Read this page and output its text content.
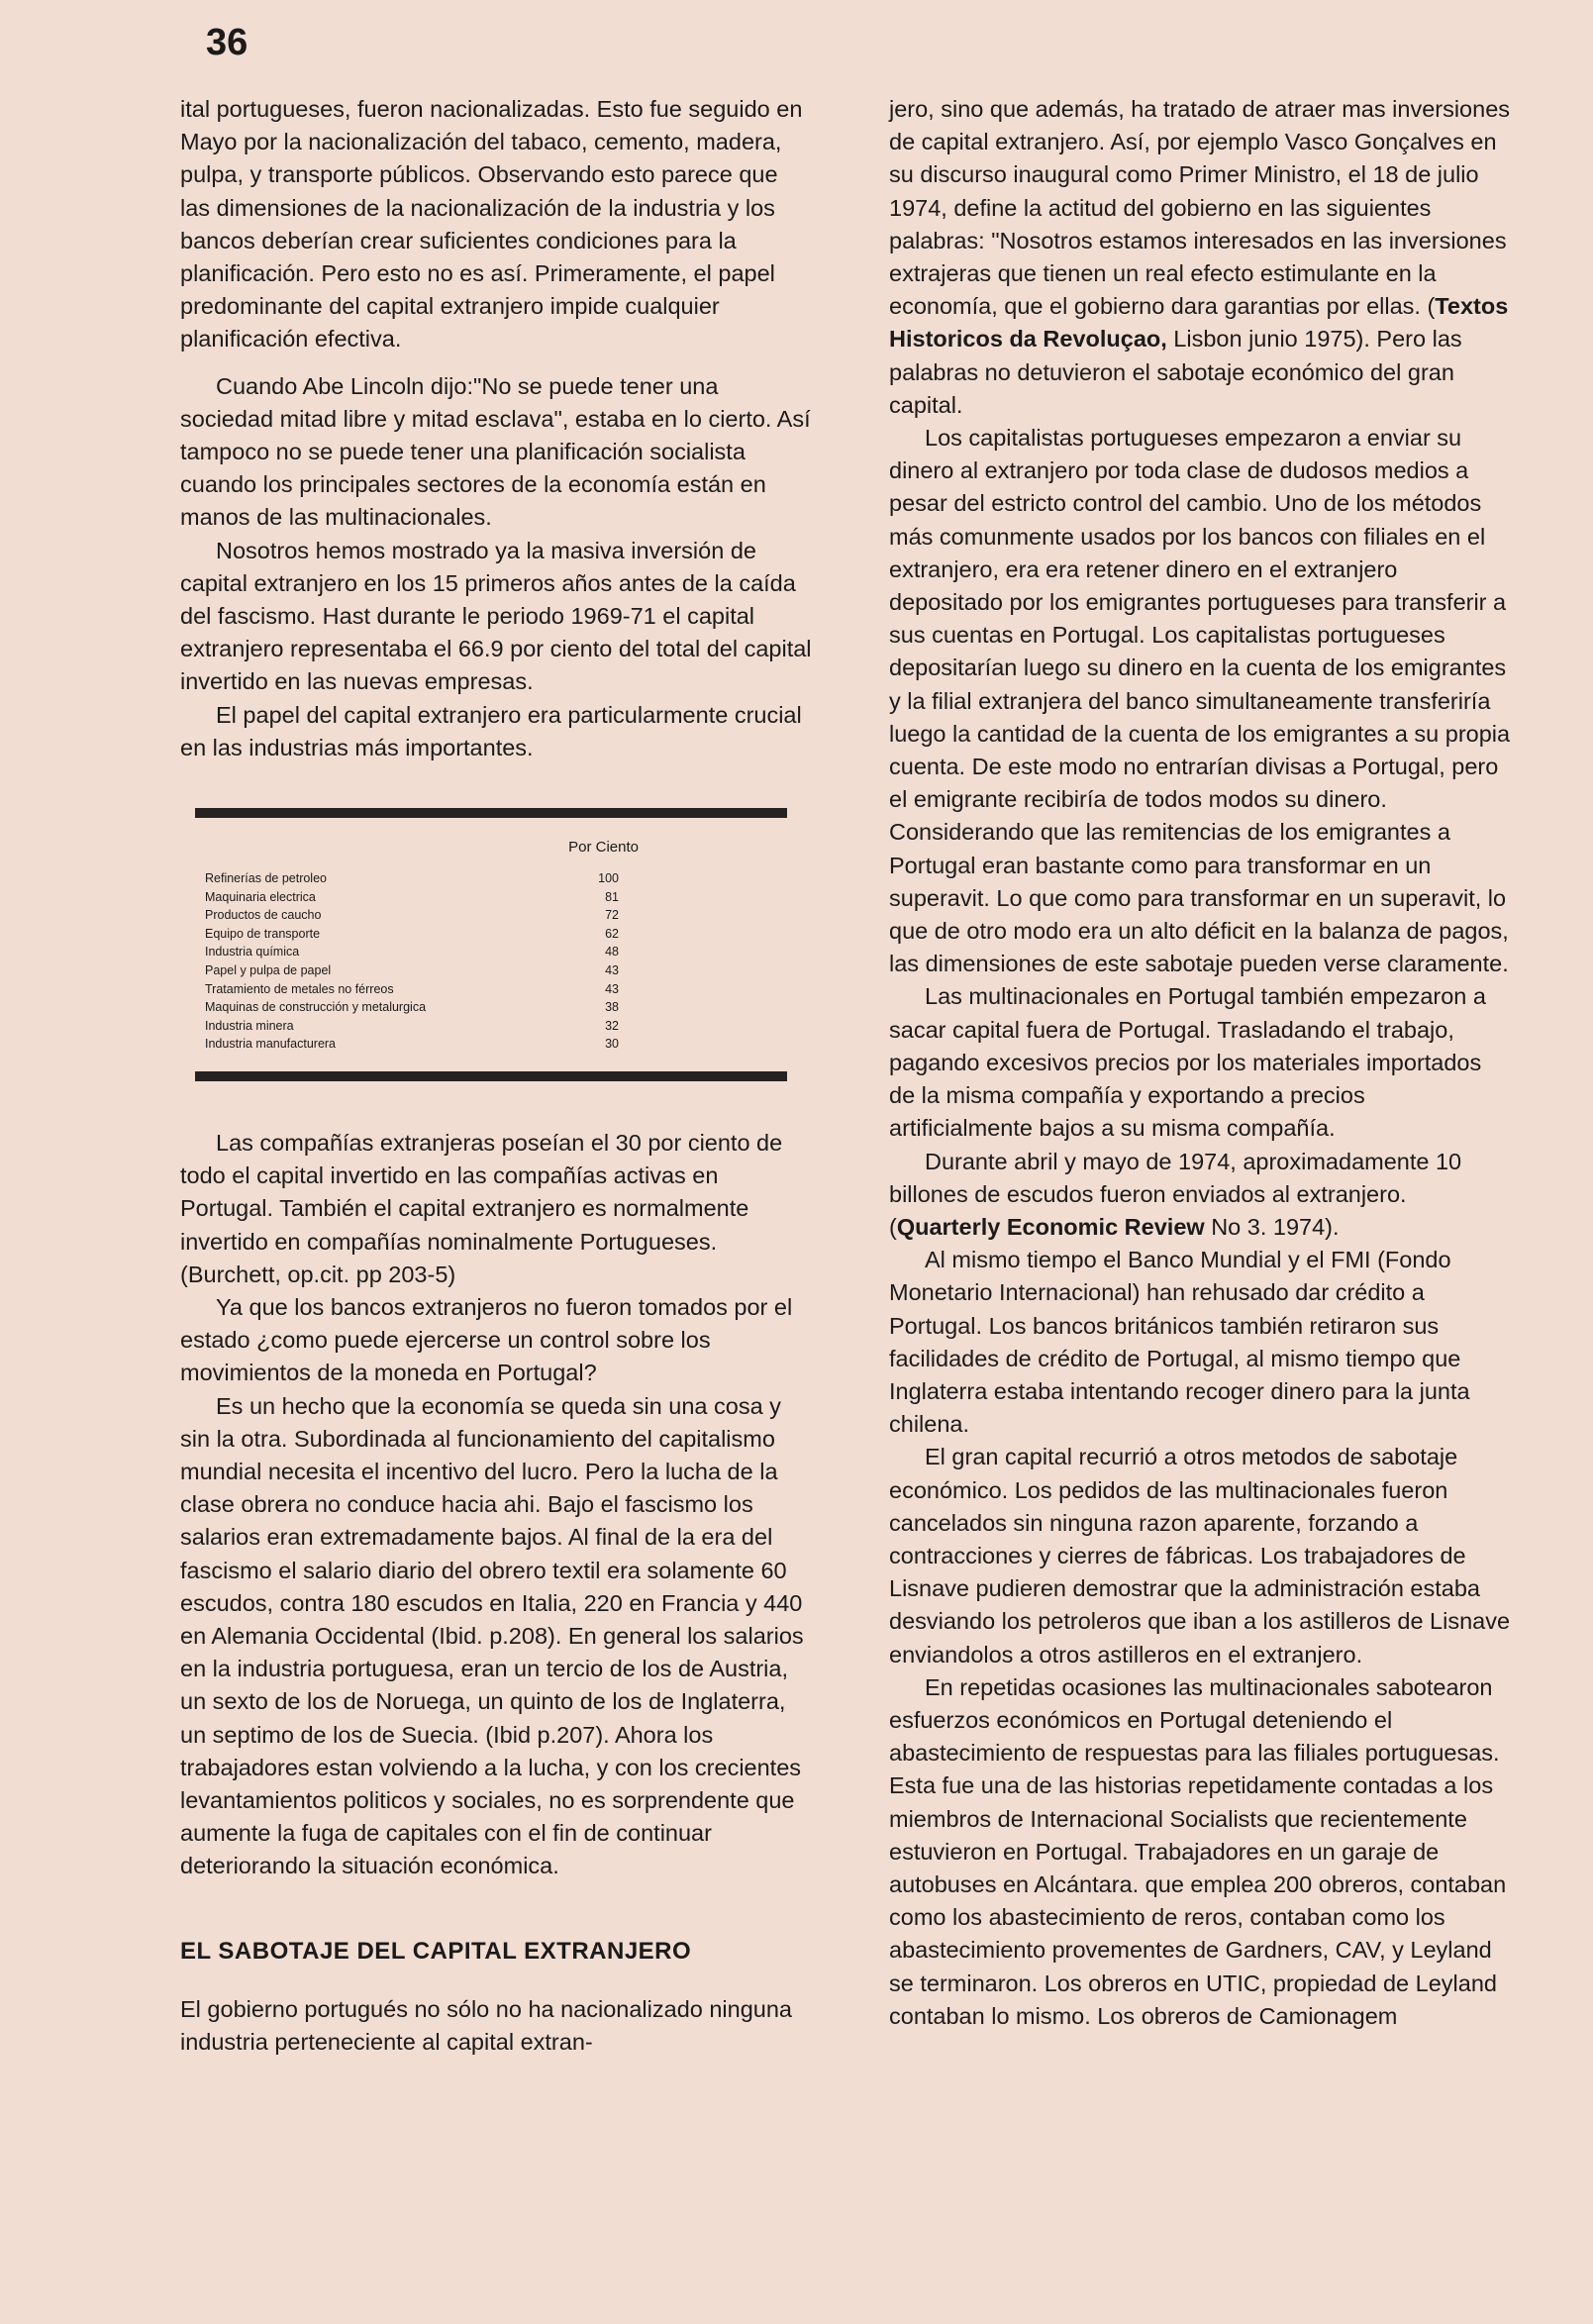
36

ital portugueses, fueron nacionalizadas. Esto fue seguido en Mayo por la nacionalización del tabaco, cemento, madera, pulpa, y transporte públicos. Observando esto parece que las dimensiones de la nacionalización de la industria y los bancos deberían crear suficientes condiciones para la planificación. Pero esto no es así. Primeramente, el papel predominante del capital extranjero impide cualquier planificación efectiva.

Cuando Abe Lincoln dijo:"No se puede tener una sociedad mitad libre y mitad esclava", estaba en lo cierto. Así tampoco no se puede tener una planificación socialista cuando los principales sectores de la economía están en manos de las multinacionales.

Nosotros hemos mostrado ya la masiva inversión de capital extranjero en los 15 primeros años antes de la caída del fascismo. Hast durante le periodo 1969-71 el capital extranjero representaba el 66.9 por ciento del total del capital invertido en las nuevas empresas.

El papel del capital extranjero era particularmente crucial en las industrias más importantes.

Por Ciento
Refinerías de petroleo	100
Maquinaria electrica	81
Productos de caucho	72
Equipo de transporte	62
Industria química	48
Papel y pulpa de papel	43
Tratamiento de metales no férreos	43
Maquinas de construcción y metalurgica	38
Industria minera	32
Industria manufacturera	30

Las compañías extranjeras poseían el 30 por ciento de todo el capital invertido en las compañías activas en Portugal. También el capital extranjero es normalmente invertido en compañías nominalmente Portugueses. (Burchett, op.cit. pp 203-5)

Ya que los bancos extranjeros no fueron tomados por el estado ¿como puede ejercerse un control sobre los movimientos de la moneda en Portugal?

Es un hecho que la economía se queda sin una cosa y sin la otra. Subordinada al funcionamiento del capitalismo mundial necesita el incentivo del lucro. Pero la lucha de la clase obrera no conduce hacia ahi. Bajo el fascismo los salarios eran extremadamente bajos. Al final de la era del fascismo el salario diario del obrero textil era solamente 60 escudos, contra 180 escudos en Italia, 220 en Francia y 440 en Alemania Occidental (Ibid. p.208). En general los salarios en la industria portuguesa, eran un tercio de los de Austria, un sexto de los de Noruega, un quinto de los de Inglaterra, un septimo de los de Suecia. (Ibid p.207). Ahora los trabajadores estan volviendo a la lucha, y con los crecientes levantamientos politicos y sociales, no es sorprendente que aumente la fuga de capitales con el fin de continuar deteriorando la situación económica.

EL SABOTAJE DEL CAPITAL EXTRANJERO

El gobierno portugués no sólo no ha nacionalizado ninguna industria perteneciente al capital extran-

jero, sino que además, ha tratado de atraer mas inversiones de capital extranjero. Así, por ejemplo Vasco Gonçalves en su discurso inaugural como Primer Ministro, el 18 de julio 1974, define la actitud del gobierno en las siguientes palabras: "Nosotros estamos interesados en las inversiones extrajeras que tienen un real efecto estimulante en la economía, que el gobierno dara garantias por ellas. (Textos Historicos da Revoluçao, Lisbon junio 1975). Pero las palabras no detuvieron el sabotaje económico del gran capital.

Los capitalistas portugueses empezaron a enviar su dinero al extranjero por toda clase de dudosos medios a pesar del estricto control del cambio. Uno de los métodos más comunmente usados por los bancos con filiales en el extranjero, era era retener dinero en el extranjero depositado por los emigrantes portugueses para transferir a sus cuentas en Portugal. Los capitalistas portugueses depositarían luego su dinero en la cuenta de los emigrantes y la filial extranjera del banco simultaneamente transferiría luego la cantidad de la cuenta de los emigrantes a su propia cuenta. De este modo no entrarían divisas a Portugal, pero el emigrante recibiría de todos modos su dinero. Considerando que las remitencias de los emigrantes a Portugal eran bastante como para transformar en un superavit. Lo que como para transformar en un superavit, lo que de otro modo era un alto déficit en la balanza de pagos, las dimensiones de este sabotaje pueden verse claramente.

Las multinacionales en Portugal también empezaron a sacar capital fuera de Portugal. Trasladando el trabajo, pagando excesivos precios por los materiales importados de la misma compañía y exportando a precios artificialmente bajos a su misma compañía.

Durante abril y mayo de 1974, aproximadamente 10 billones de escudos fueron enviados al extranjero. (Quarterly Economic Review No 3. 1974).

Al mismo tiempo el Banco Mundial y el FMI (Fondo Monetario Internacional) han rehusado dar crédito a Portugal. Los bancos británicos también retiraron sus facilidades de crédito de Portugal, al mismo tiempo que Inglaterra estaba intentando recoger dinero para la junta chilena.

El gran capital recurrió a otros metodos de sabotaje económico. Los pedidos de las multinacionales fueron cancelados sin ninguna razon aparente, forzando a contracciones y cierres de fábricas. Los trabajadores de Lisnave pudieren demostrar que la administración estaba desviando los petroleros que iban a los astilleros de Lisnave enviandolos a otros astilleros en el extranjero.

En repetidas ocasiones las multinacionales sabotearon esfuerzos económicos en Portugal deteniendo el abastecimiento de respuestas para las filiales portuguesas. Esta fue una de las historias repetidamente contadas a los miembros de Internacional Socialists que recientemente estuvieron en Portugal. Trabajadores en un garaje de autobuses en Alcántara. que emplea 200 obreros, contaban como los abastecimiento de reros, contaban como los abastecimiento provementes de Gardners, CAV, y Leyland se terminaron. Los obreros en UTIC, propiedad de Leyland contaban lo mismo. Los obreros de Camionagem
